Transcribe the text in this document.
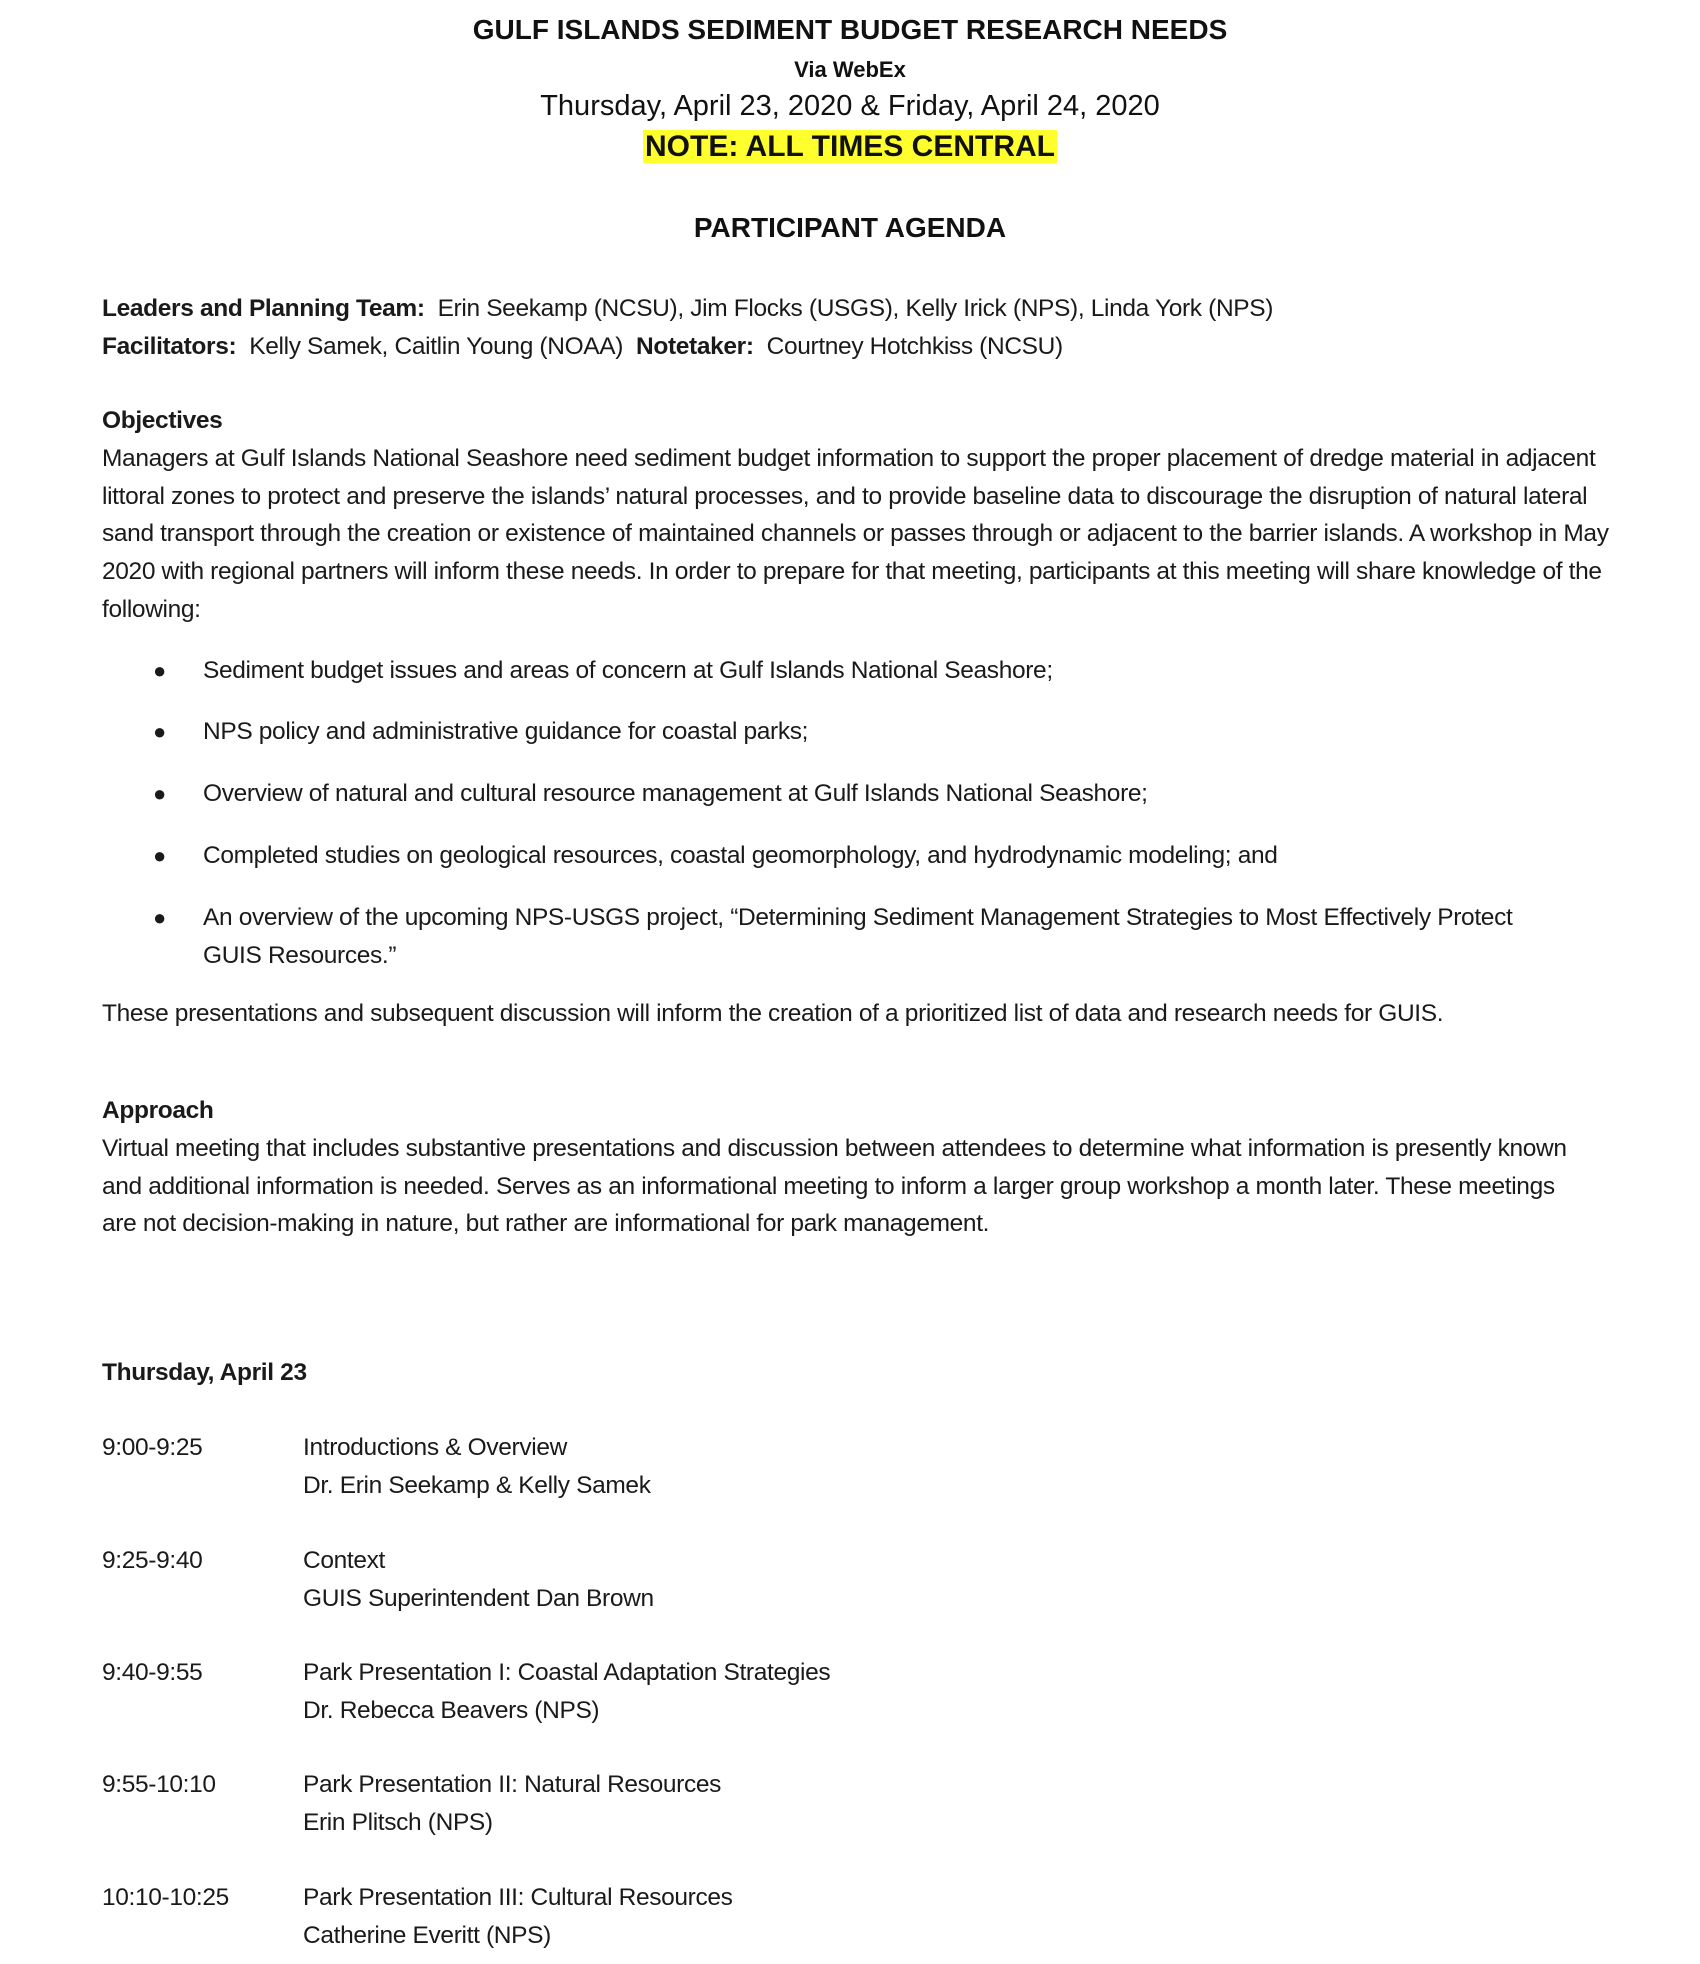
GULF ISLANDS SEDIMENT BUDGET RESEARCH NEEDS
Via WebEx
Thursday, April 23, 2020 & Friday, April 24, 2020
NOTE: ALL TIMES CENTRAL
PARTICIPANT AGENDA
Leaders and Planning Team: Erin Seekamp (NCSU), Jim Flocks (USGS), Kelly Irick (NPS), Linda York (NPS)
Facilitators: Kelly Samek, Caitlin Young (NOAA) Notetaker: Courtney Hotchkiss (NCSU)
Objectives
Managers at Gulf Islands National Seashore need sediment budget information to support the proper placement of dredge material in adjacent littoral zones to protect and preserve the islands’ natural processes, and to provide baseline data to discourage the disruption of natural lateral sand transport through the creation or existence of maintained channels or passes through or adjacent to the barrier islands. A workshop in May 2020 with regional partners will inform these needs. In order to prepare for that meeting, participants at this meeting will share knowledge of the following:
● Sediment budget issues and areas of concern at Gulf Islands National Seashore;
● NPS policy and administrative guidance for coastal parks;
● Overview of natural and cultural resource management at Gulf Islands National Seashore;
● Completed studies on geological resources, coastal geomorphology, and hydrodynamic modeling; and
● An overview of the upcoming NPS-USGS project, “Determining Sediment Management Strategies to Most Effectively Protect GUIS Resources.”
These presentations and subsequent discussion will inform the creation of a prioritized list of data and research needs for GUIS.
Approach
Virtual meeting that includes substantive presentations and discussion between attendees to determine what information is presently known and additional information is needed. Serves as an informational meeting to inform a larger group workshop a month later. These meetings are not decision-making in nature, but rather are informational for park management.
Thursday, April 23
9:00-9:25	Introductions & Overview
Dr. Erin Seekamp & Kelly Samek
9:25-9:40	Context
GUIS Superintendent Dan Brown
9:40-9:55	Park Presentation I: Coastal Adaptation Strategies
Dr. Rebecca Beavers (NPS)
9:55-10:10	Park Presentation II: Natural Resources
Erin Plitsch (NPS)
10:10-10:25	Park Presentation III: Cultural Resources
Catherine Everitt (NPS)
